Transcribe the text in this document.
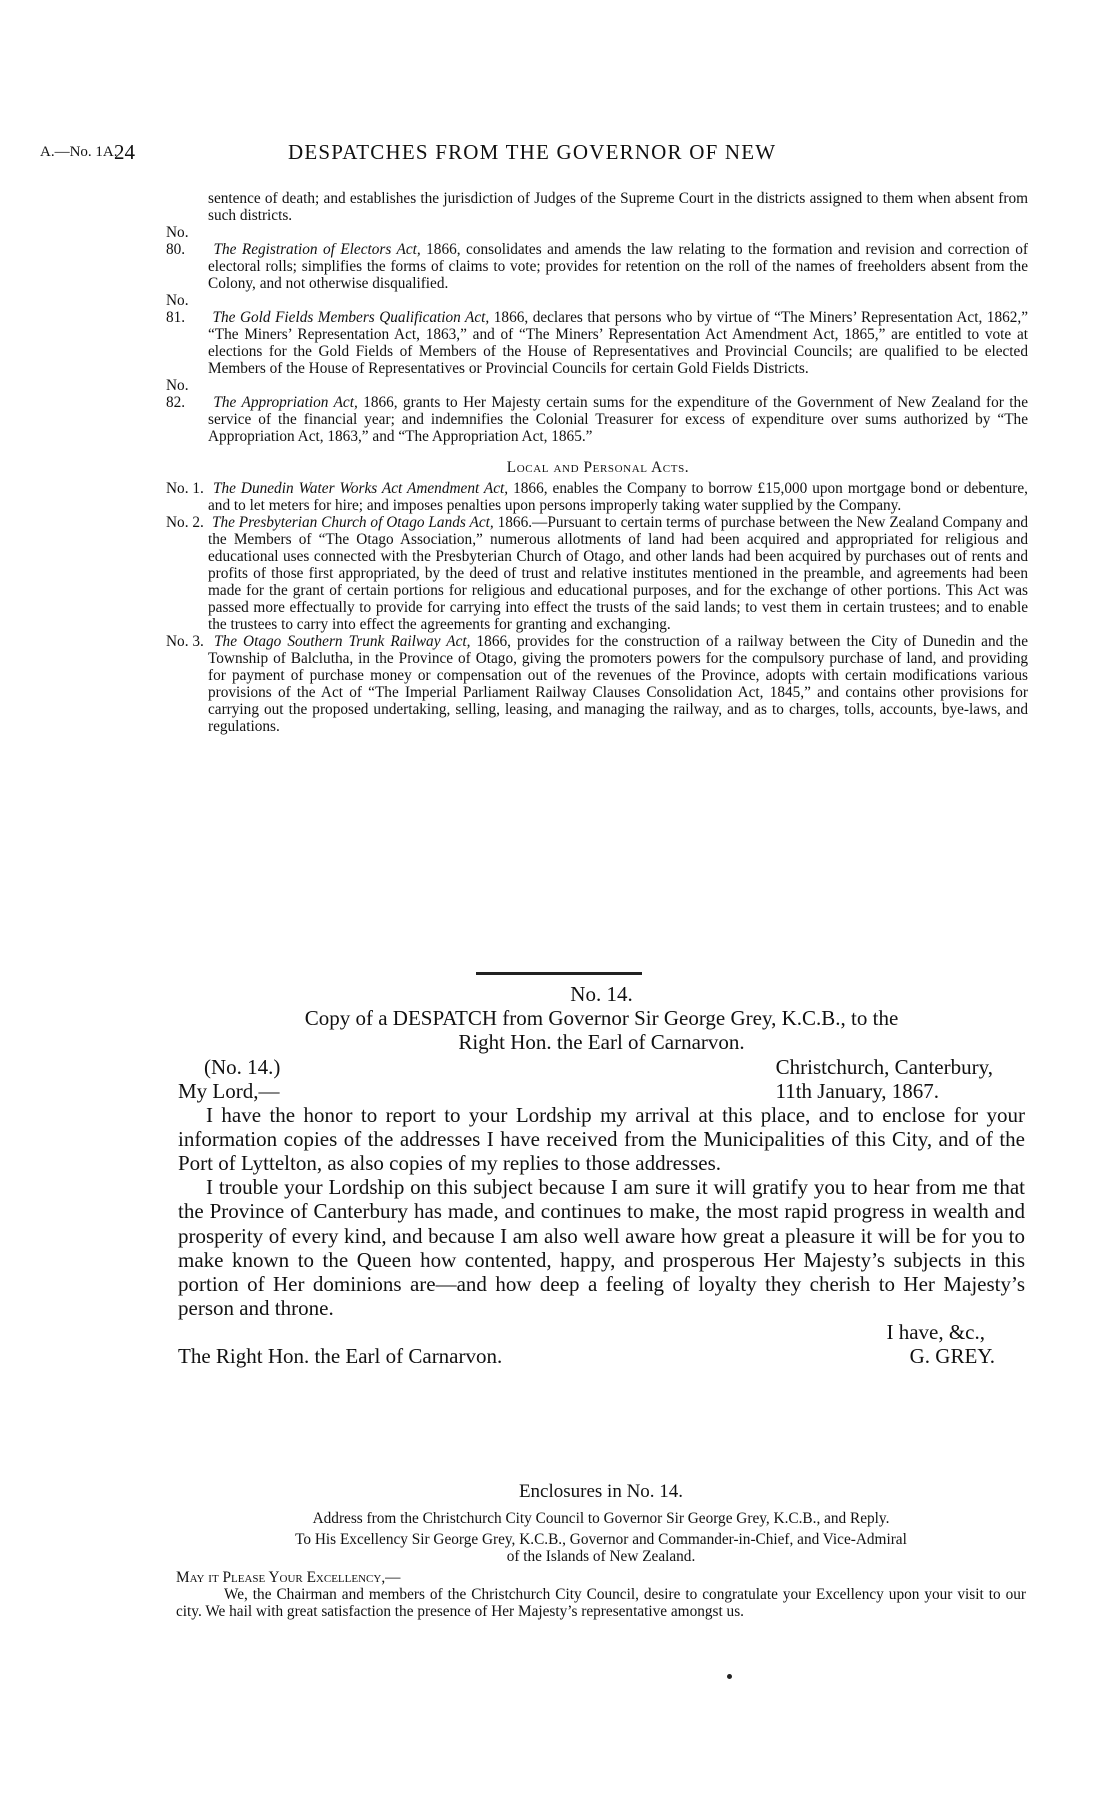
A.—No. 1A.
24	DESPATCHES FROM THE GOVERNOR OF NEW

sentence of death; and establishes the jurisdiction of Judges of the Supreme Court in the districts assigned to them when absent from such districts.

No. 80. The Registration of Electors Act, 1866, consolidates and amends the law relating to the formation and revision and correction of electoral rolls; simplifies the forms of claims to vote; provides for retention on the roll of the names of freeholders absent from the Colony, and not otherwise disqualified.

No. 81. The Gold Fields Members Qualification Act, 1866, declares that persons who by virtue of “The Miners’ Representation Act, 1862,” “The Miners’ Representation Act, 1863,” and of “The Miners’ Representation Act Amendment Act, 1865,” are entitled to vote at elections for the Gold Fields of Members of the House of Representatives and Provincial Councils; are qualified to be elected Members of the House of Representatives or Provincial Councils for certain Gold Fields Districts.

No. 82. The Appropriation Act, 1866, grants to Her Majesty certain sums for the expenditure of the Government of New Zealand for the service of the financial year; and indemnifies the Colonial Treasurer for excess of expenditure over sums authorized by “The Appropriation Act, 1863,” and “The Appropriation Act, 1865.”

Local and Personal Acts.

No. 1. The Dunedin Water Works Act Amendment Act, 1866, enables the Company to borrow £15,000 upon mortgage bond or debenture, and to let meters for hire; and imposes penalties upon persons improperly taking water supplied by the Company.

No. 2. The Presbyterian Church of Otago Lands Act, 1866.—Pursuant to certain terms of purchase between the New Zealand Company and the Members of “The Otago Association,” numerous allotments of land had been acquired and appropriated for religious and educational uses connected with the Presbyterian Church of Otago, and other lands had been acquired by purchases out of rents and profits of those first appropriated, by the deed of trust and relative institutes mentioned in the preamble, and agreements had been made for the grant of certain portions for religious and educational purposes, and for the exchange of other portions. This Act was passed more effectually to provide for carrying into effect the trusts of the said lands; to vest them in certain trustees; and to enable the trustees to carry into effect the agreements for granting and exchanging.

No. 3. The Otago Southern Trunk Railway Act, 1866, provides for the construction of a railway between the City of Dunedin and the Township of Balclutha, in the Province of Otago, giving the promoters powers for the compulsory purchase of land, and providing for payment of purchase money or compensation out of the revenues of the Province, adopts with certain modifications various provisions of the Act of “The Imperial Parliament Railway Clauses Consolidation Act, 1845,” and contains other provisions for carrying out the proposed undertaking, selling, leasing, and managing the railway, and as to charges, tolls, accounts, bye-laws, and regulations.

No. 14.
Copy of a DESPATCH from Governor Sir George Grey, K.C.B., to the
Right Hon. the Earl of Carnarvon.
(No. 14.)	Christchurch, Canterbury,
My Lord,—	11th January, 1867.

I have the honor to report to your Lordship my arrival at this place, and to enclose for your information copies of the addresses I have received from the Municipalities of this City, and of the Port of Lyttelton, as also copies of my replies to those addresses.

I trouble your Lordship on this subject because I am sure it will gratify you to hear from me that the Province of Canterbury has made, and continues to make, the most rapid progress in wealth and prosperity of every kind, and because I am also well aware how great a pleasure it will be for you to make known to the Queen how contented, happy, and prosperous Her Majesty’s subjects in this portion of Her dominions are—and how deep a feeling of loyalty they cherish to Her Majesty’s person and throne.

I have, &c.,
The Right Hon. the Earl of Carnarvon.	G. GREY.
Enclosures in No. 14.
Address from the Christchurch City Council to Governor Sir George Grey, K.C.B., and Reply.
To His Excellency Sir George Grey, K.C.B., Governor and Commander-in-Chief, and Vice-Admiral
of the Islands of New Zealand.
May it Please Your Excellency,—

We, the Chairman and members of the Christchurch City Council, desire to congratulate your Excellency upon your visit to our city. We hail with great satisfaction the presence of Her Majesty’s representative amongst us.
